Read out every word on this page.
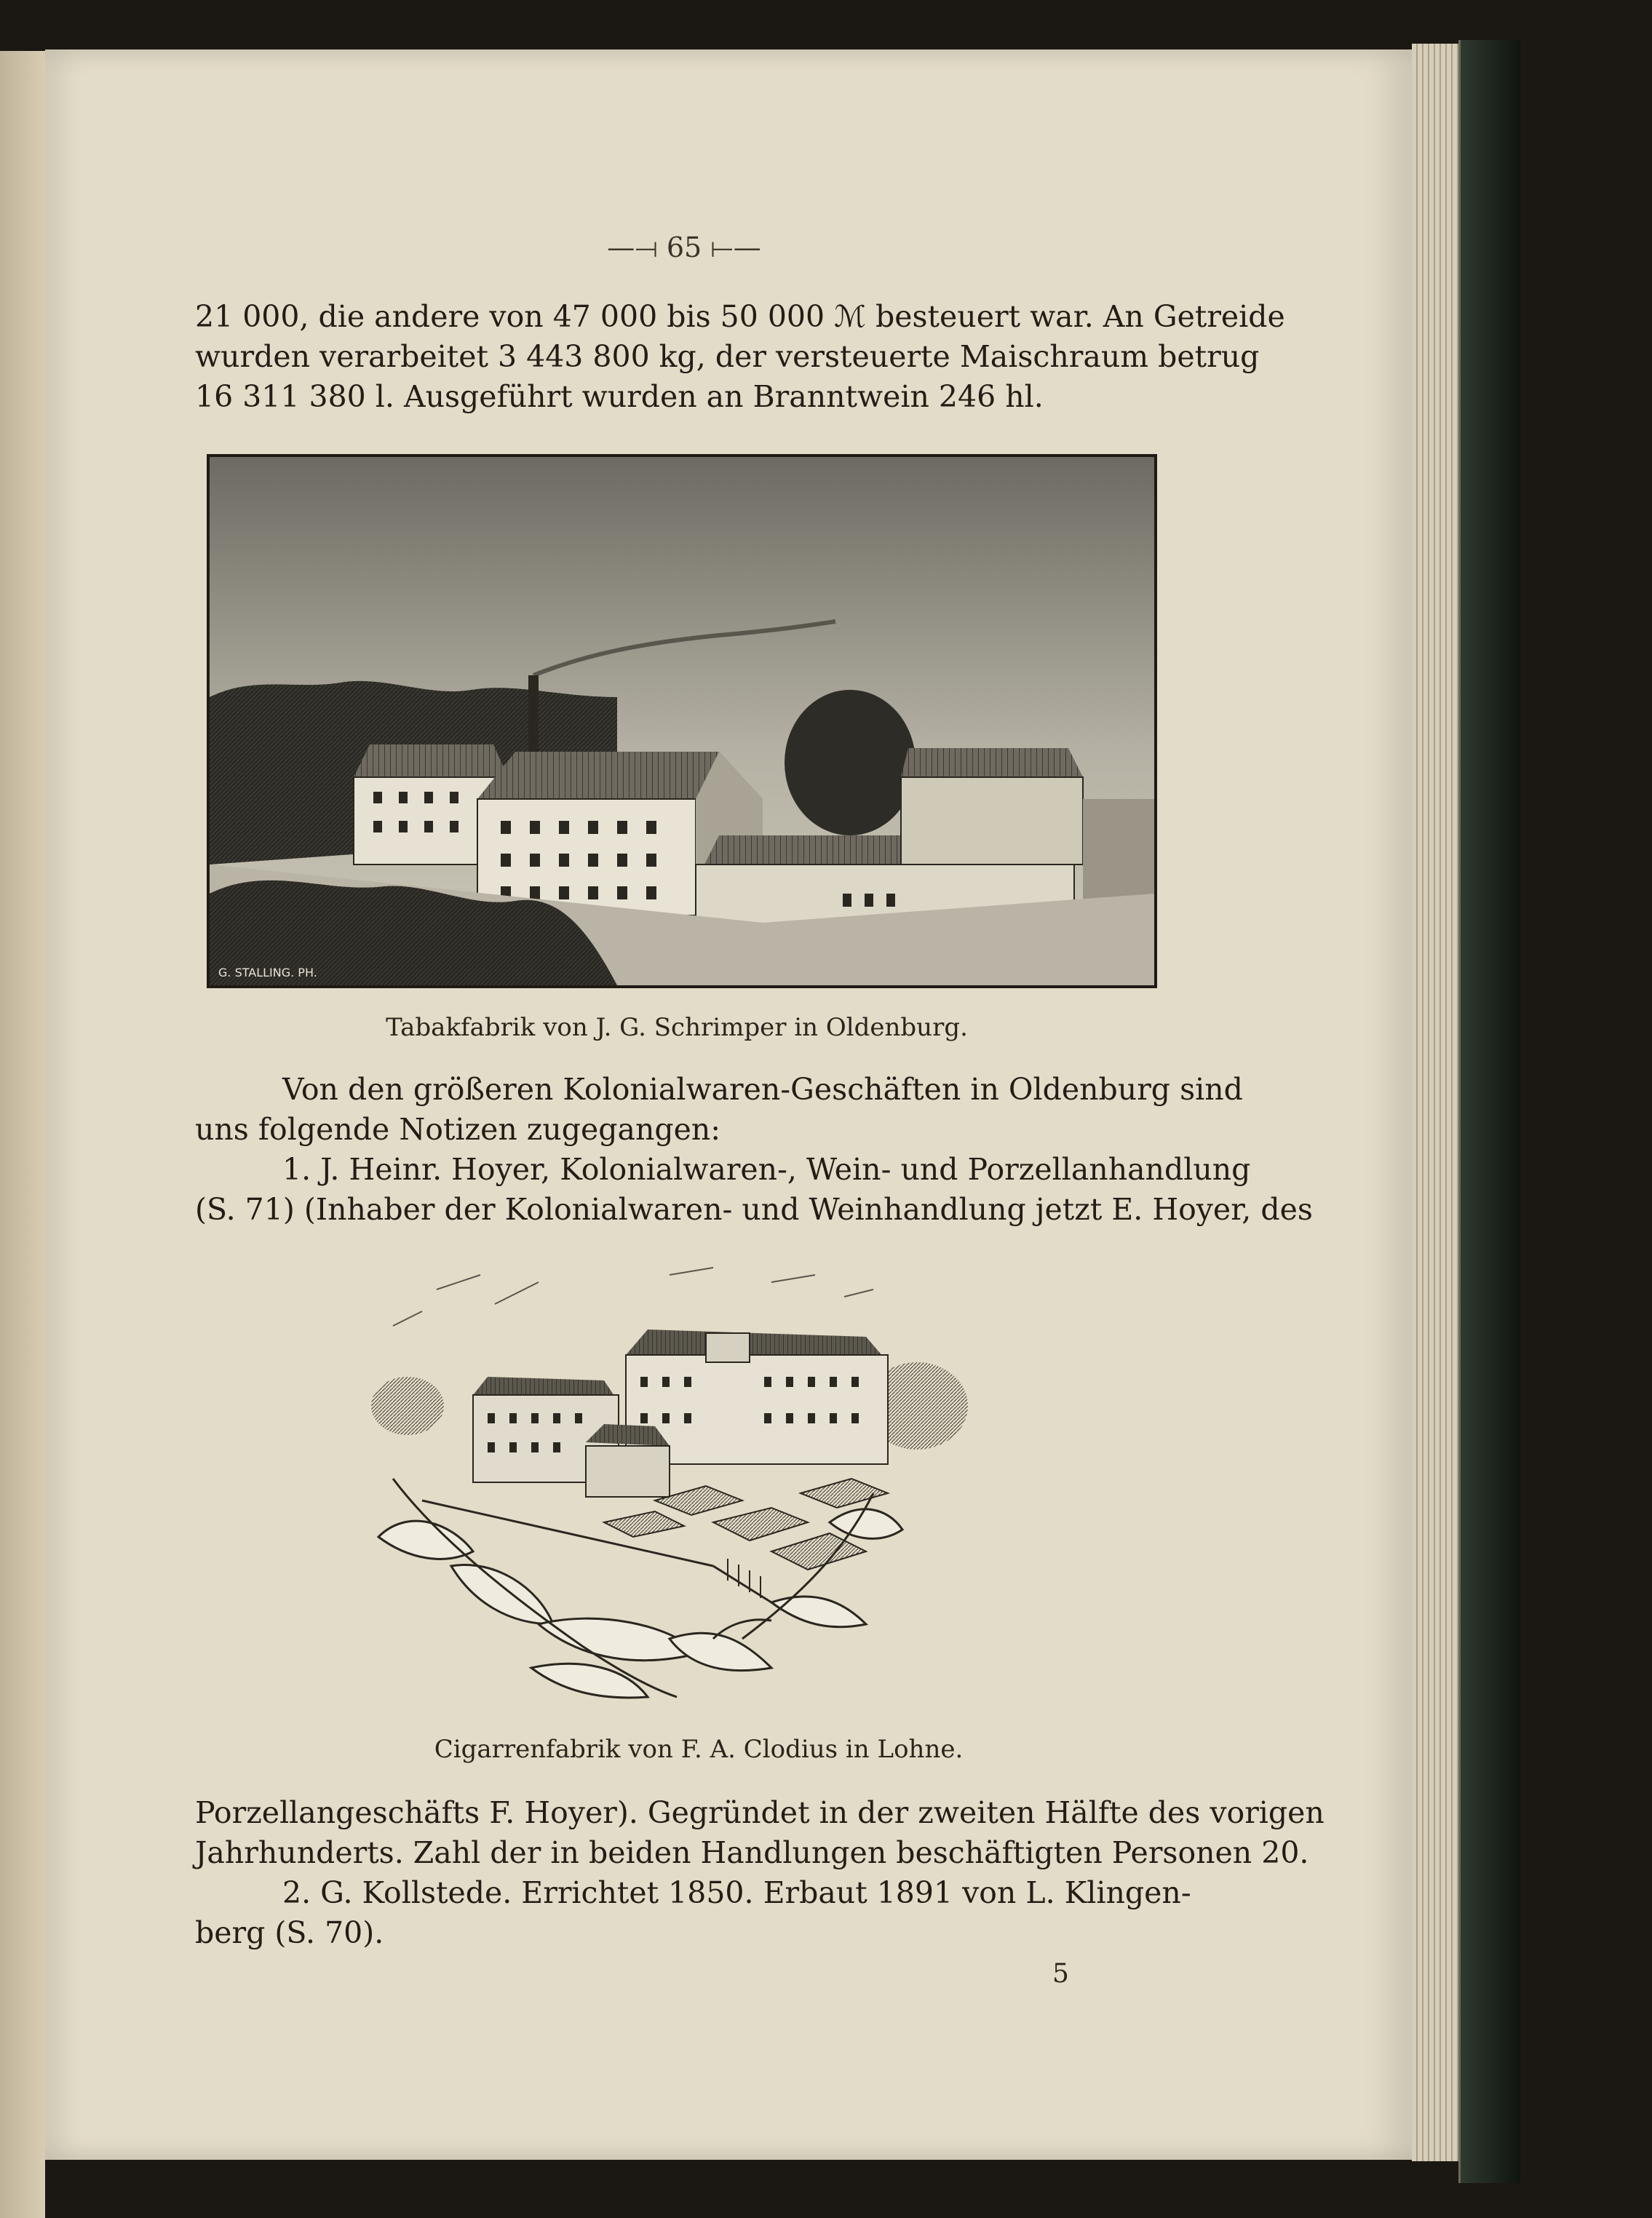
—⟞ 65 ⟝—
21 000, die andere von 47 000 bis 50 000 ℳ besteuert war. An Getreide
wurden verarbeitet 3 443 800 kg, der versteuerte Maischraum betrug
16 311 380 l. Ausgeführt wurden an Branntwein 246 hl.
G. STALLING. PH.
Tabakfabrik von J. G. Schrimper in Oldenburg.
Von den größeren Kolonialwaren-Geschäften in Oldenburg sind
uns folgende Notizen zugegangen:
1. J. Heinr. Hoyer, Kolonialwaren-, Wein- und Porzellanhandlung
(S. 71) (Inhaber der Kolonialwaren- und Weinhandlung jetzt E. Hoyer, des
Cigarrenfabrik von F. A. Clodius in Lohne.
Porzellangeschäfts F. Hoyer). Gegründet in der zweiten Hälfte des vorigen
Jahrhunderts. Zahl der in beiden Handlungen beschäftigten Personen 20.
2. G. Kollstede. Errichtet 1850. Erbaut 1891 von L. Klingen-
berg (S. 70).
5
